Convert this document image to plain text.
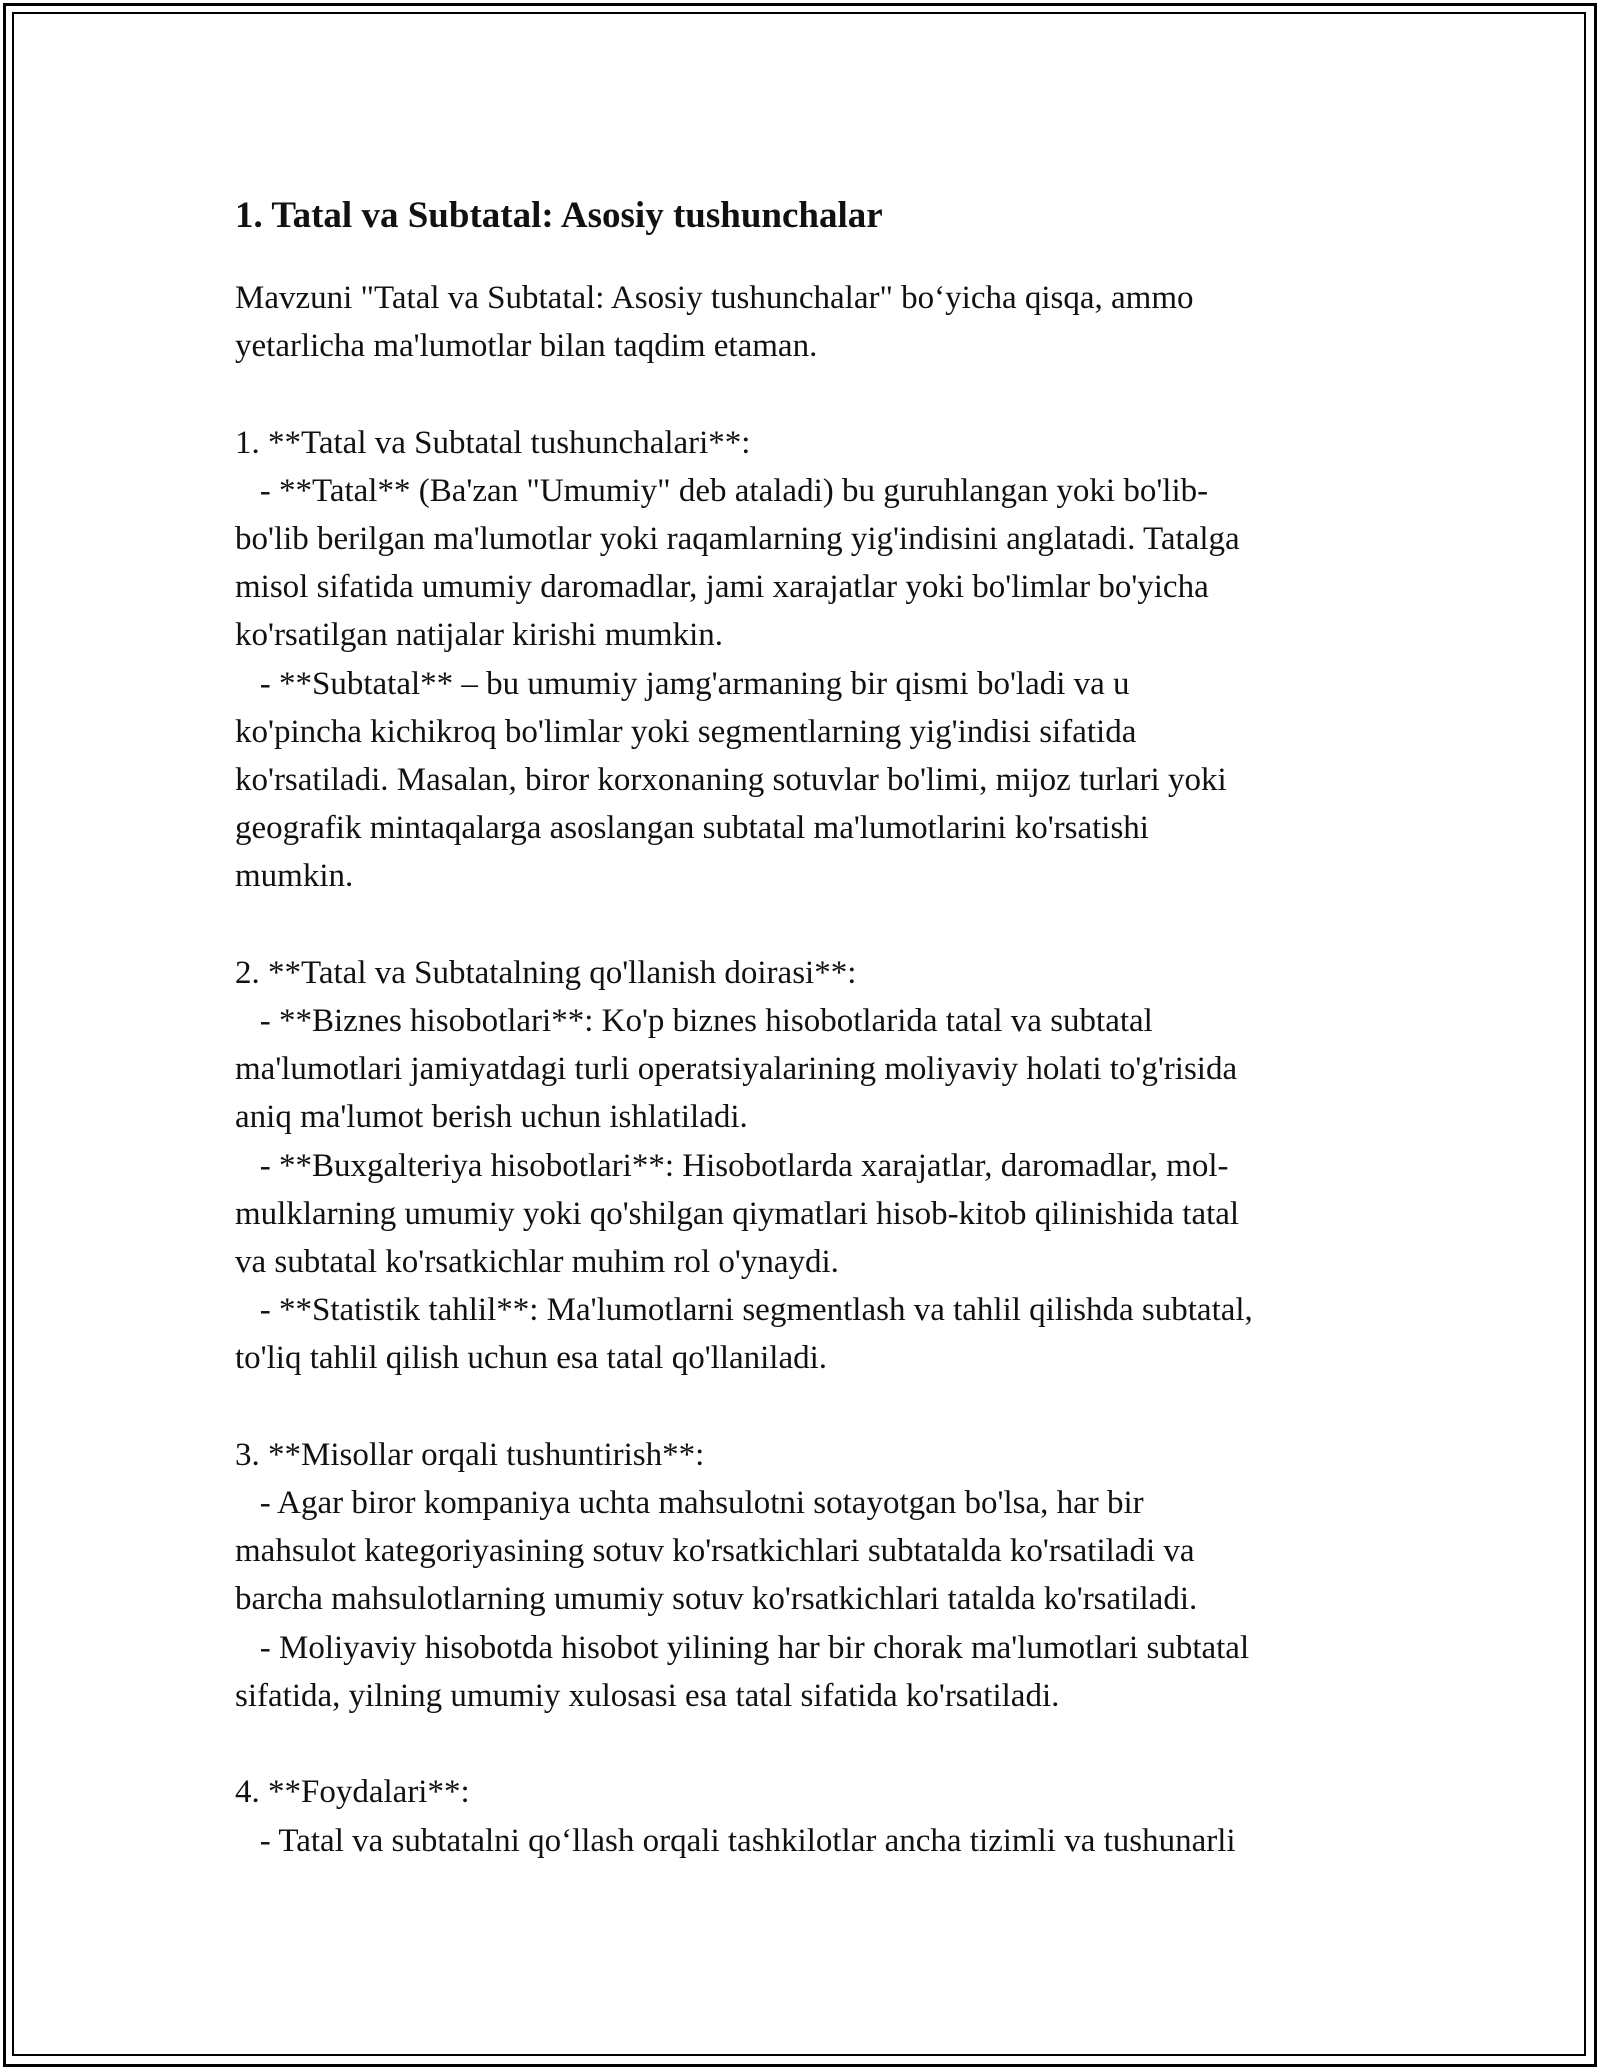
1. Tatal va Subtatal: Asosiy tushunchalar

Mavzuni "Tatal va Subtatal: Asosiy tushunchalar" bo‘yicha qisqa, ammo
yetarlicha ma'lumotlar bilan taqdim etaman.

1. **Tatal va Subtatal tushunchalari**:
- **Tatal** (Ba'zan "Umumiy" deb ataladi) bu guruhlangan yoki bo'lib-
bo'lib berilgan ma'lumotlar yoki raqamlarning yig'indisini anglatadi. Tatalga
misol sifatida umumiy daromadlar, jami xarajatlar yoki bo'limlar bo'yicha
ko'rsatilgan natijalar kirishi mumkin.
- **Subtatal** – bu umumiy jamg'armaning bir qismi bo'ladi va u
ko'pincha kichikroq bo'limlar yoki segmentlarning yig'indisi sifatida
ko'rsatiladi. Masalan, biror korxonaning sotuvlar bo'limi, mijoz turlari yoki
geografik mintaqalarga asoslangan subtatal ma'lumotlarini ko'rsatishi
mumkin.

2. **Tatal va Subtatalning qo'llanish doirasi**:
- **Biznes hisobotlari**: Ko'p biznes hisobotlarida tatal va subtatal
ma'lumotlari jamiyatdagi turli operatsiyalarining moliyaviy holati to'g'risida
aniq ma'lumot berish uchun ishlatiladi.
- **Buxgalteriya hisobotlari**: Hisobotlarda xarajatlar, daromadlar, mol-
mulklarning umumiy yoki qo'shilgan qiymatlari hisob-kitob qilinishida tatal
va subtatal ko'rsatkichlar muhim rol o'ynaydi.
- **Statistik tahlil**: Ma'lumotlarni segmentlash va tahlil qilishda subtatal,
to'liq tahlil qilish uchun esa tatal qo'llaniladi.

3. **Misollar orqali tushuntirish**:
- Agar biror kompaniya uchta mahsulotni sotayotgan bo'lsa, har bir
mahsulot kategoriyasining sotuv ko'rsatkichlari subtatalda ko'rsatiladi va
barcha mahsulotlarning umumiy sotuv ko'rsatkichlari tatalda ko'rsatiladi.
- Moliyaviy hisobotda hisobot yilining har bir chorak ma'lumotlari subtatal
sifatida, yilning umumiy xulosasi esa tatal sifatida ko'rsatiladi.

4. **Foydalari**:
- Tatal va subtatalni qo‘llash orqali tashkilotlar ancha tizimli va tushunarli
